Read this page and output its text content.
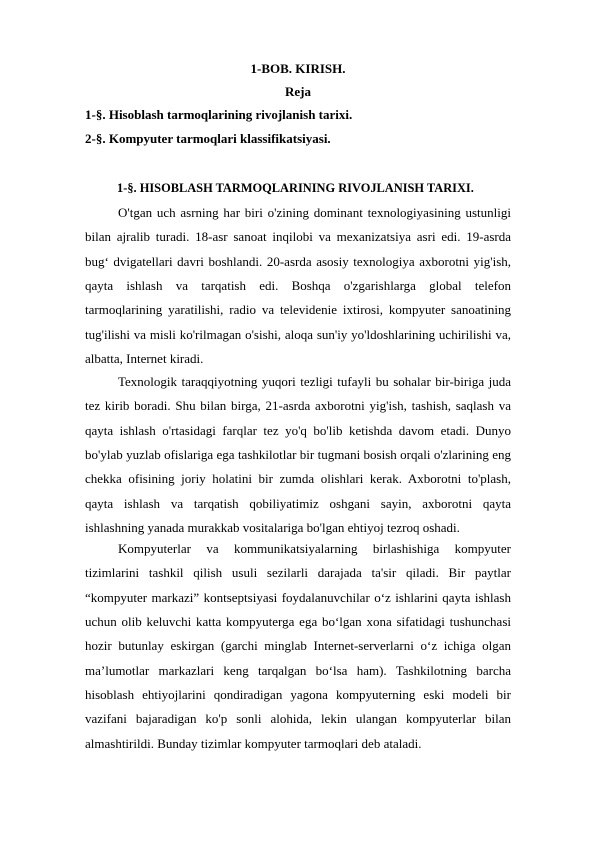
1-BOB. KIRISH.
Reja
1-§. Hisoblash tarmoqlarining rivojlanish tarixi.
2-§. Kompyuter tarmoqlari klassifikatsiyasi.
1-§. HISOBLASH TARMOQLARINING RIVOJLANISH TARIXI.

O'tgan uch asrning har biri o'zining dominant texnologiyasining ustunligi bilan ajralib turadi. 18-asr sanoat inqilobi va mexanizatsiya asri edi. 19-asrda bug‘ dvigatellari davri boshlandi. 20-asrda asosiy texnologiya axborotni yig'ish, qayta ishlash va tarqatish edi. Boshqa o'zgarishlarga global telefon tarmoqlarining yaratilishi, radio va televidenie ixtirosi, kompyuter sanoatining tug'ilishi va misli ko'rilmagan o'sishi, aloqa sun'iy yo'ldoshlarining uchirilishi va, albatta, Internet kiradi.

Texnologik taraqqiyotning yuqori tezligi tufayli bu sohalar bir-biriga juda tez kirib boradi. Shu bilan birga, 21-asrda axborotni yig'ish, tashish, saqlash va qayta ishlash o'rtasidagi farqlar tez yo'q bo'lib ketishda davom etadi. Dunyo bo'ylab yuzlab ofislariga ega tashkilotlar bir tugmani bosish orqali o'zlarining eng chekka ofisining joriy holatini bir zumda olishlari kerak. Axborotni to'plash, qayta ishlash va tarqatish qobiliyatimiz oshgani sayin, axborotni qayta ishlashning yanada murakkab vositalariga bo'lgan ehtiyoj tezroq oshadi.

Kompyuterlar va kommunikatsiyalarning birlashishiga kompyuter tizimlarini tashkil qilish usuli sezilarli darajada ta'sir qiladi. Bir paytlar “kompyuter markazi” kontseptsiyasi foydalanuvchilar o‘z ishlarini qayta ishlash uchun olib keluvchi katta kompyuterga ega bo‘lgan xona sifatidagi tushunchasi hozir butunlay eskirgan (garchi minglab Internet-serverlarni o‘z ichiga olgan ma’lumotlar markazlari keng tarqalgan bo‘lsa ham). Tashkilotning barcha hisoblash ehtiyojlarini qondiradigan yagona kompyuterning eski modeli bir vazifani bajaradigan ko'p sonli alohida, lekin ulangan kompyuterlar bilan almashtirildi. Bunday tizimlar kompyuter tarmoqlari deb ataladi.
